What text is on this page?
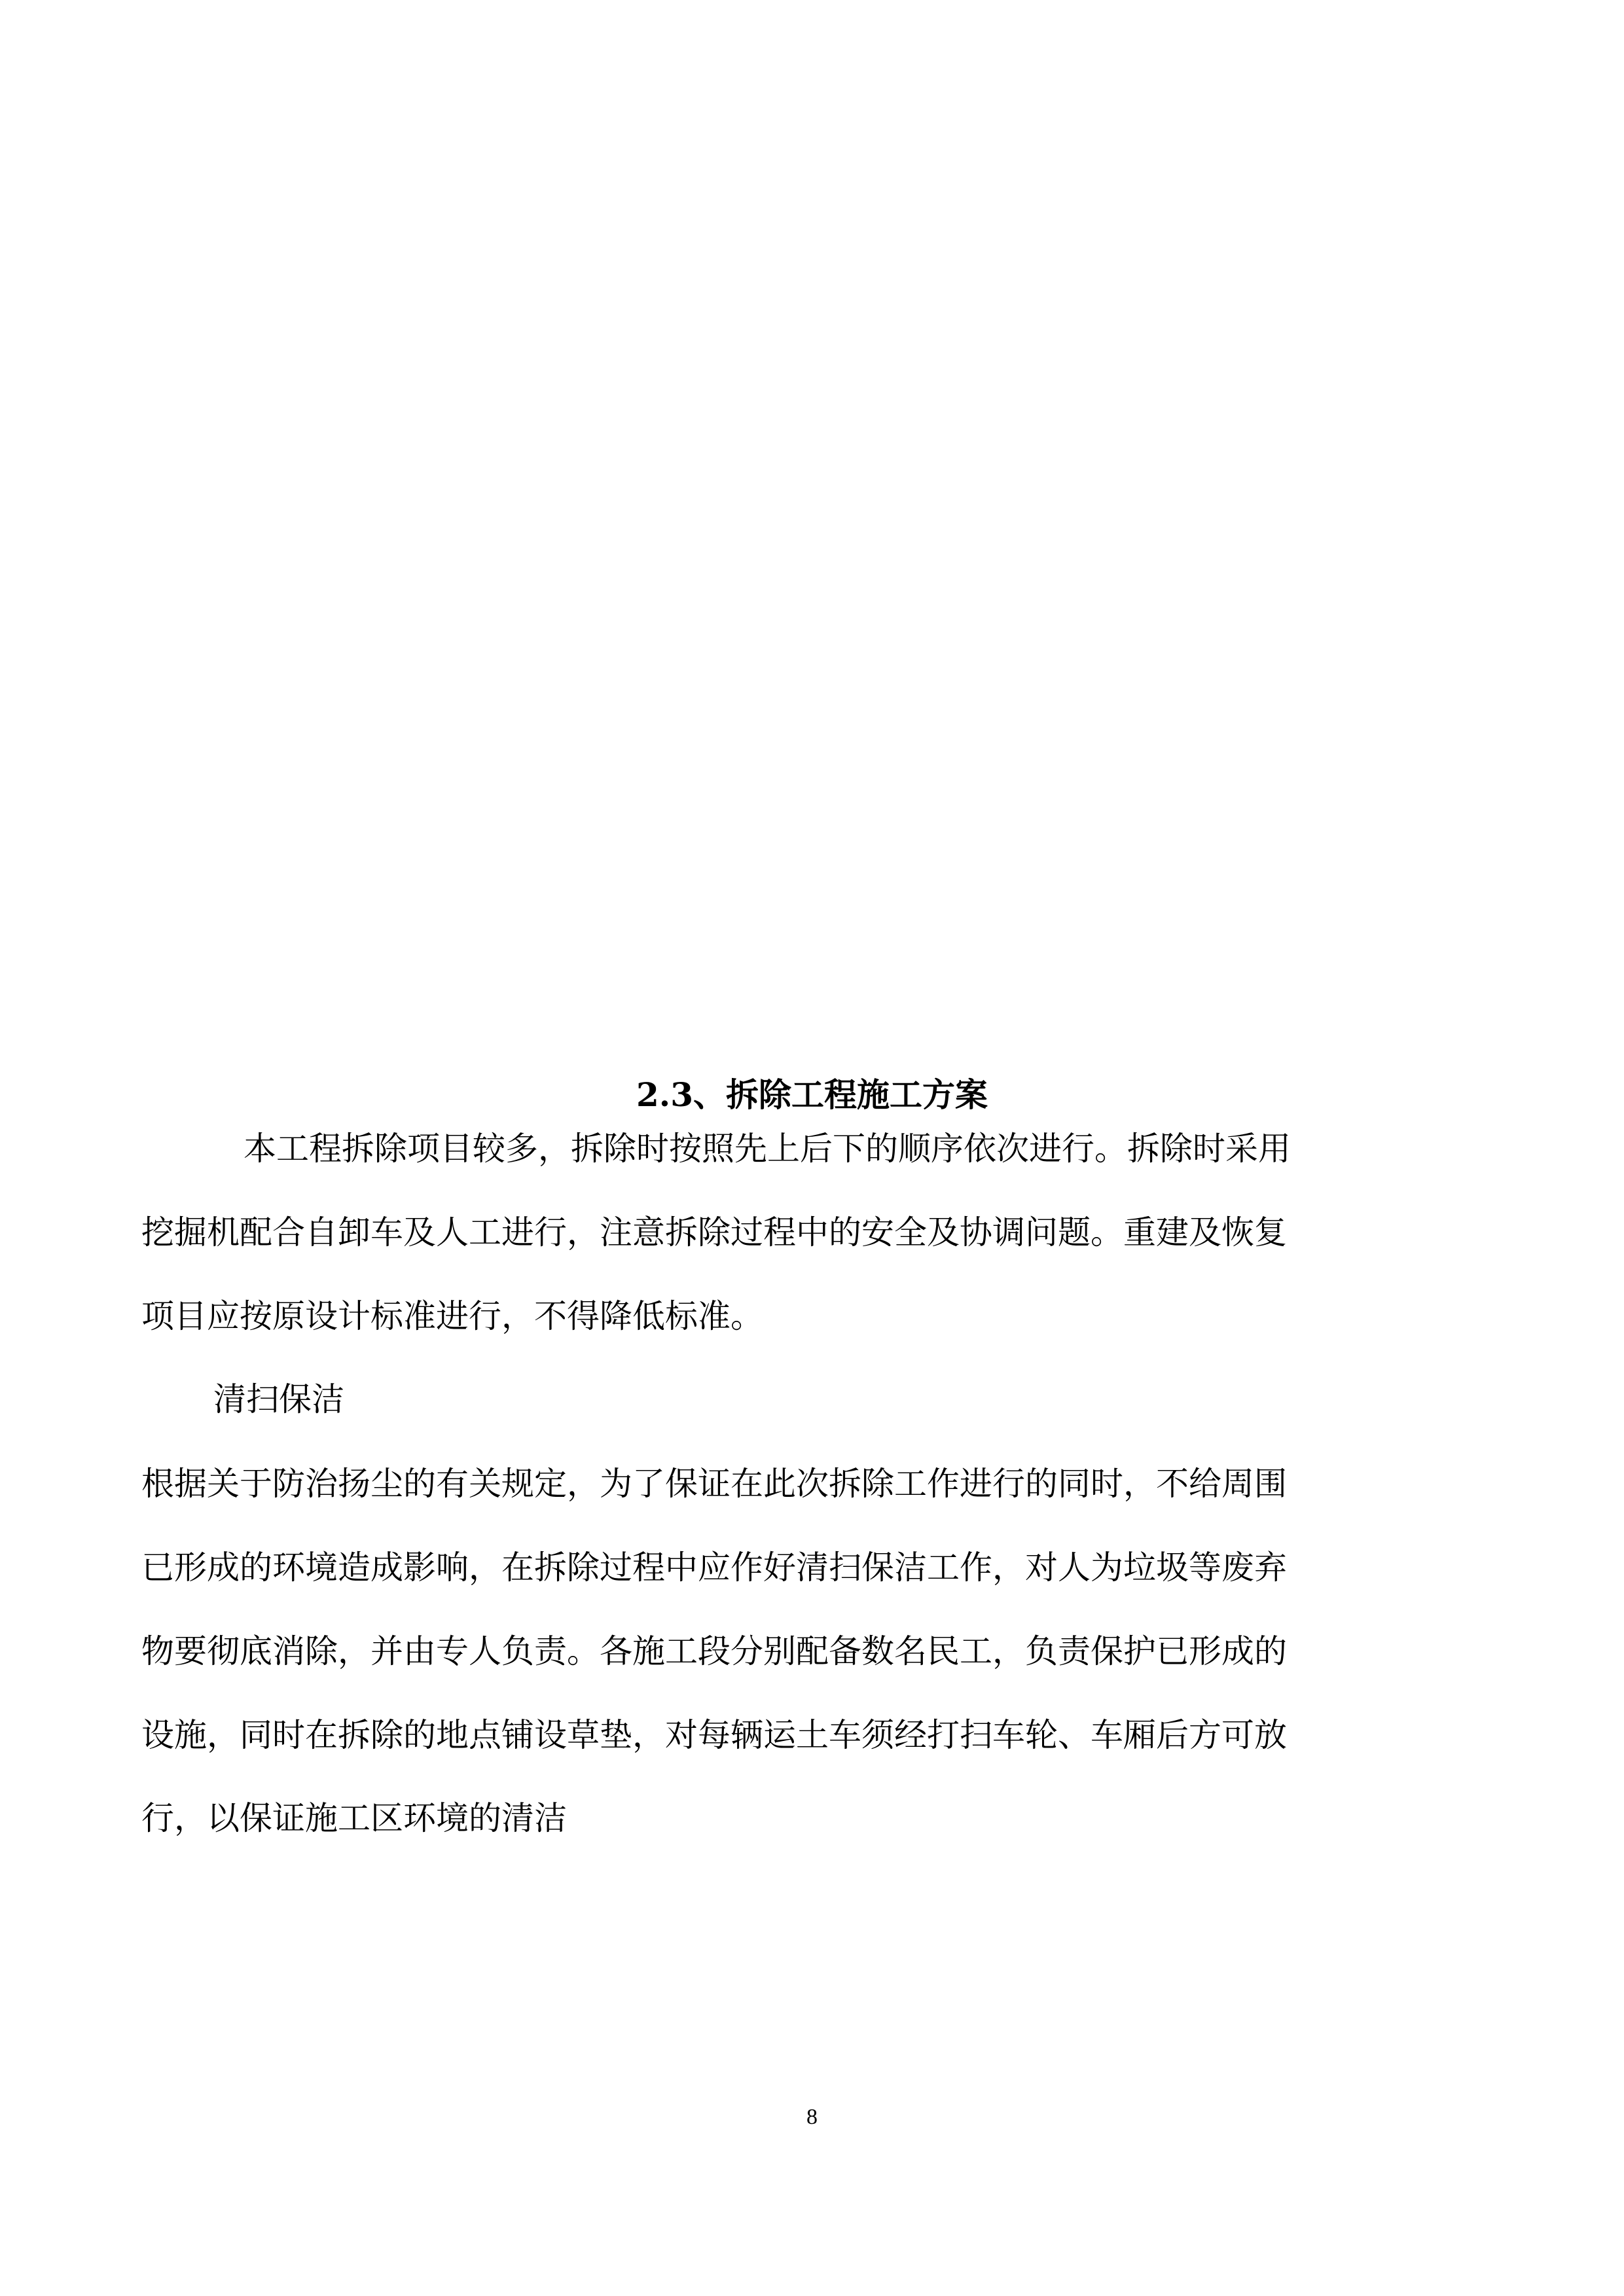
2.3、拆除工程施工方案
本工程拆除项目较多，拆除时按照先上后下的顺序依次进行。拆除时采用
挖掘机配合自卸车及人工进行，注意拆除过程中的安全及协调问题。重建及恢复
项目应按原设计标准进行，不得降低标准。
清扫保洁
根据关于防治扬尘的有关规定，为了保证在此次拆除工作进行的同时，不给周围
已形成的环境造成影响，在拆除过程中应作好清扫保洁工作，对人为垃圾等废弃
物要彻底消除，并由专人负责。各施工段分别配备数名民工，负责保护已形成的
设施，同时在拆除的地点铺设草垫，对每辆运土车须经打扫车轮、车厢后方可放
行，以保证施工区环境的清洁
8
